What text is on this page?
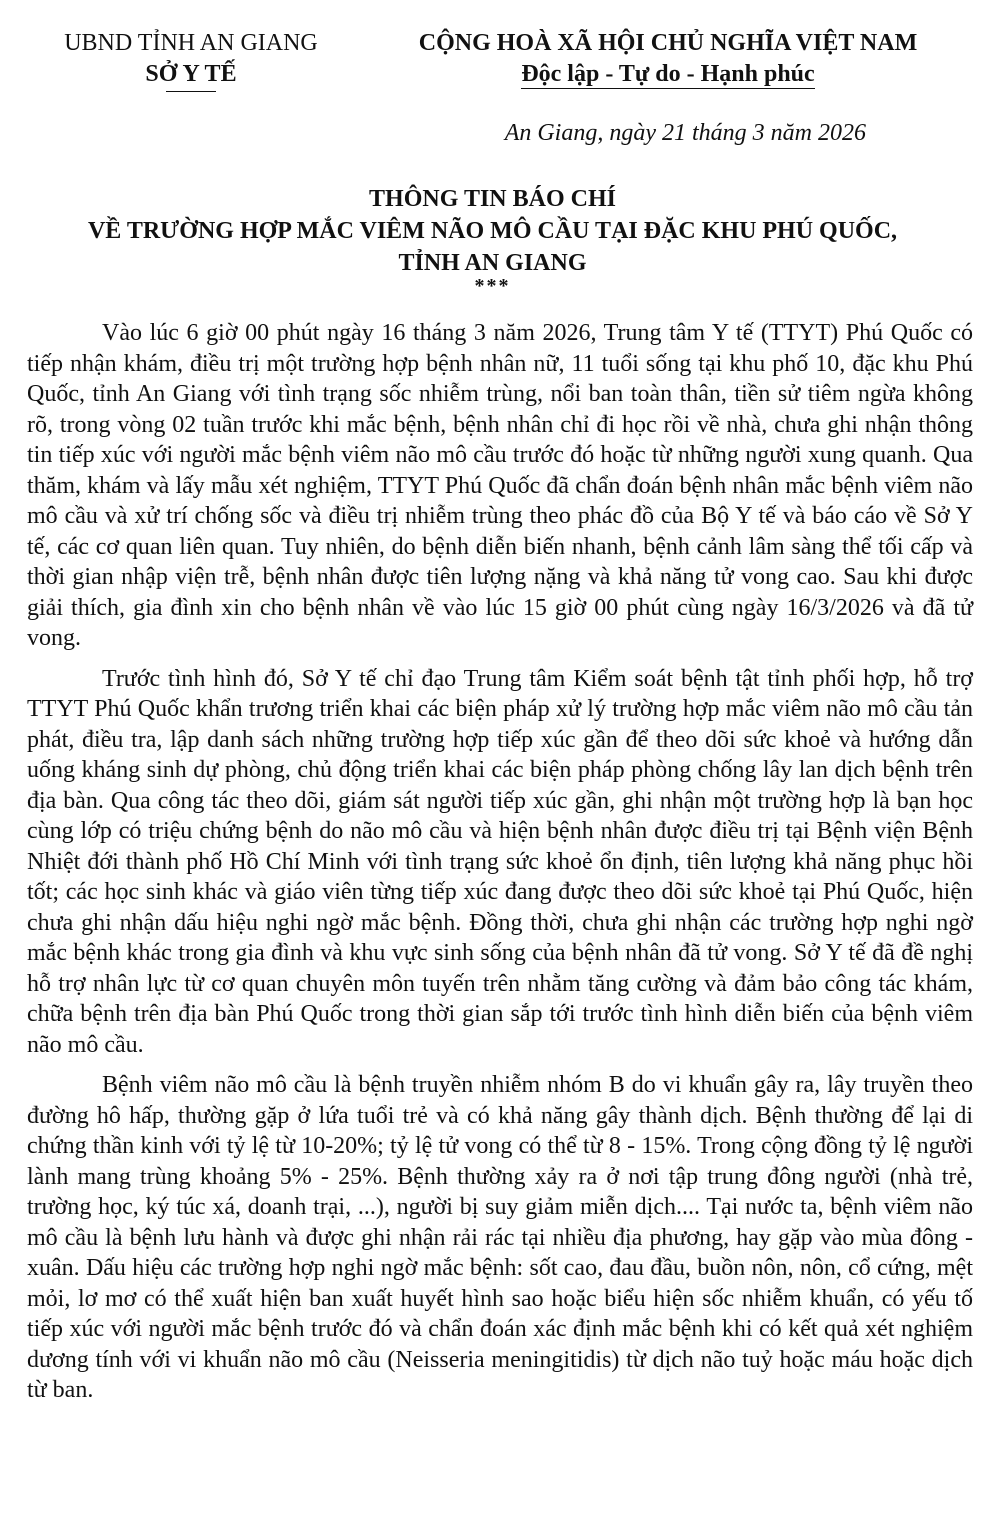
UBND TỈNH AN GIANG
SỞ Y TẾ
CỘNG HOÀ XÃ HỘI CHỦ NGHĨA VIỆT NAM
Độc lập - Tự do - Hạnh phúc
An Giang, ngày 21 tháng 3 năm 2026
THÔNG TIN BÁO CHÍ
VỀ TRƯỜNG HỢP MẮC VIÊM NÃO MÔ CẦU TẠI ĐẶC KHU PHÚ QUỐC,
TỈNH AN GIANG
***

Vào lúc 6 giờ 00 phút ngày 16 tháng 3 năm 2026, Trung tâm Y tế (TTYT) Phú Quốc có tiếp nhận khám, điều trị một trường hợp bệnh nhân nữ, 11 tuổi sống tại khu phố 10, đặc khu Phú Quốc, tỉnh An Giang với tình trạng sốc nhiễm trùng, nổi ban toàn thân, tiền sử tiêm ngừa không rõ, trong vòng 02 tuần trước khi mắc bệnh, bệnh nhân chỉ đi học rồi về nhà, chưa ghi nhận thông tin tiếp xúc với người mắc bệnh viêm não mô cầu trước đó hoặc từ những người xung quanh. Qua thăm, khám và lấy mẫu xét nghiệm, TTYT Phú Quốc đã chẩn đoán bệnh nhân mắc bệnh viêm não mô cầu và xử trí chống sốc và điều trị nhiễm trùng theo phác đồ của Bộ Y tế và báo cáo về Sở Y tế, các cơ quan liên quan. Tuy nhiên, do bệnh diễn biến nhanh, bệnh cảnh lâm sàng thể tối cấp và thời gian nhập viện trễ, bệnh nhân được tiên lượng nặng và khả năng tử vong cao. Sau khi được giải thích, gia đình xin cho bệnh nhân về vào lúc 15 giờ 00 phút cùng ngày 16/3/2026 và đã tử vong.

Trước tình hình đó, Sở Y tế chỉ đạo Trung tâm Kiểm soát bệnh tật tỉnh phối hợp, hỗ trợ TTYT Phú Quốc khẩn trương triển khai các biện pháp xử lý trường hợp mắc viêm não mô cầu tản phát, điều tra, lập danh sách những trường hợp tiếp xúc gần để theo dõi sức khoẻ và hướng dẫn uống kháng sinh dự phòng, chủ động triển khai các biện pháp phòng chống lây lan dịch bệnh trên địa bàn. Qua công tác theo dõi, giám sát người tiếp xúc gần, ghi nhận một trường hợp là bạn học cùng lớp có triệu chứng bệnh do não mô cầu và hiện bệnh nhân được điều trị tại Bệnh viện Bệnh Nhiệt đới thành phố Hồ Chí Minh với tình trạng sức khoẻ ổn định, tiên lượng khả năng phục hồi tốt; các học sinh khác và giáo viên từng tiếp xúc đang được theo dõi sức khoẻ tại Phú Quốc, hiện chưa ghi nhận dấu hiệu nghi ngờ mắc bệnh. Đồng thời, chưa ghi nhận các trường hợp nghi ngờ mắc bệnh khác trong gia đình và khu vực sinh sống của bệnh nhân đã tử vong. Sở Y tế đã đề nghị hỗ trợ nhân lực từ cơ quan chuyên môn tuyến trên nhằm tăng cường và đảm bảo công tác khám, chữa bệnh trên địa bàn Phú Quốc trong thời gian sắp tới trước tình hình diễn biến của bệnh viêm não mô cầu.

Bệnh viêm não mô cầu là bệnh truyền nhiễm nhóm B do vi khuẩn gây ra, lây truyền theo đường hô hấp, thường gặp ở lứa tuổi trẻ và có khả năng gây thành dịch. Bệnh thường để lại di chứng thần kinh với tỷ lệ từ 10-20%; tỷ lệ tử vong có thể từ 8 - 15%. Trong cộng đồng tỷ lệ người lành mang trùng khoảng 5% - 25%. Bệnh thường xảy ra ở nơi tập trung đông người (nhà trẻ, trường học, ký túc xá, doanh trại, ...), người bị suy giảm miễn dịch.... Tại nước ta, bệnh viêm não mô cầu là bệnh lưu hành và được ghi nhận rải rác tại nhiều địa phương, hay gặp vào mùa đông - xuân. Dấu hiệu các trường hợp nghi ngờ mắc bệnh: sốt cao, đau đầu, buồn nôn, nôn, cổ cứng, mệt mỏi, lơ mơ có thể xuất hiện ban xuất huyết hình sao hoặc biểu hiện sốc nhiễm khuẩn, có yếu tố tiếp xúc với người mắc bệnh trước đó và chẩn đoán xác định mắc bệnh khi có kết quả xét nghiệm dương tính với vi khuẩn não mô cầu (Neisseria meningitidis) từ dịch não tuỷ hoặc máu hoặc dịch từ ban.
